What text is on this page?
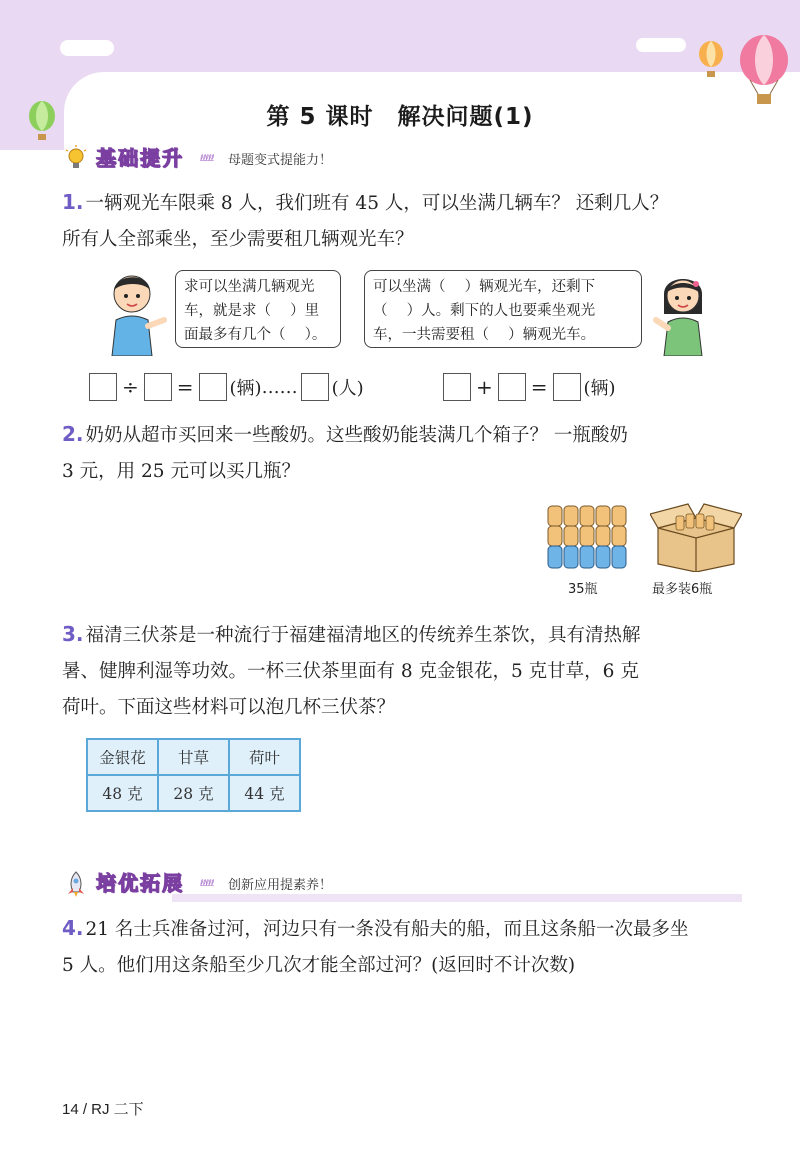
第 5 课时　解决问题(1)
基础提升 ℓℓℓℓℓ 母题变式提能力！
1. 一辆观光车限乘 8 人，我们班有 45 人，可以坐满几辆车？ 还剩几人？
所有人全部乘坐，至少需要租几辆观光车？
求可以坐满几辆观光
车，就是求（　 ）里
面最多有几个（　 ）。
可以坐满（　 ）辆观光车，还剩下
（　 ）人。剩下的人也要乘坐观光
车，一共需要租（　 ）辆观光车。
÷ = (辆) …… (人)	+ = (辆)
2. 奶奶从超市买回来一些酸奶。这些酸奶能装满几个箱子？ 一瓶酸奶
3 元，用 25 元可以买几瓶？
35瓶	最多装6瓶
3. 福清三伏茶是一种流行于福建福清地区的传统养生茶饮，具有清热解
暑、健脾利湿等功效。一杯三伏茶里面有 8 克金银花，5 克甘草，6 克
荷叶。下面这些材料可以泡几杯三伏茶？
金银花	甘草	荷叶
48 克	28 克	44 克
培优拓展 ℓℓℓℓℓ 创新应用提素养！
4. 21 名士兵准备过河，河边只有一条没有船夫的船，而且这条船一次最多坐
5 人。他们用这条船至少几次才能全部过河？(返回时不计次数)
14 / RJ 二下
